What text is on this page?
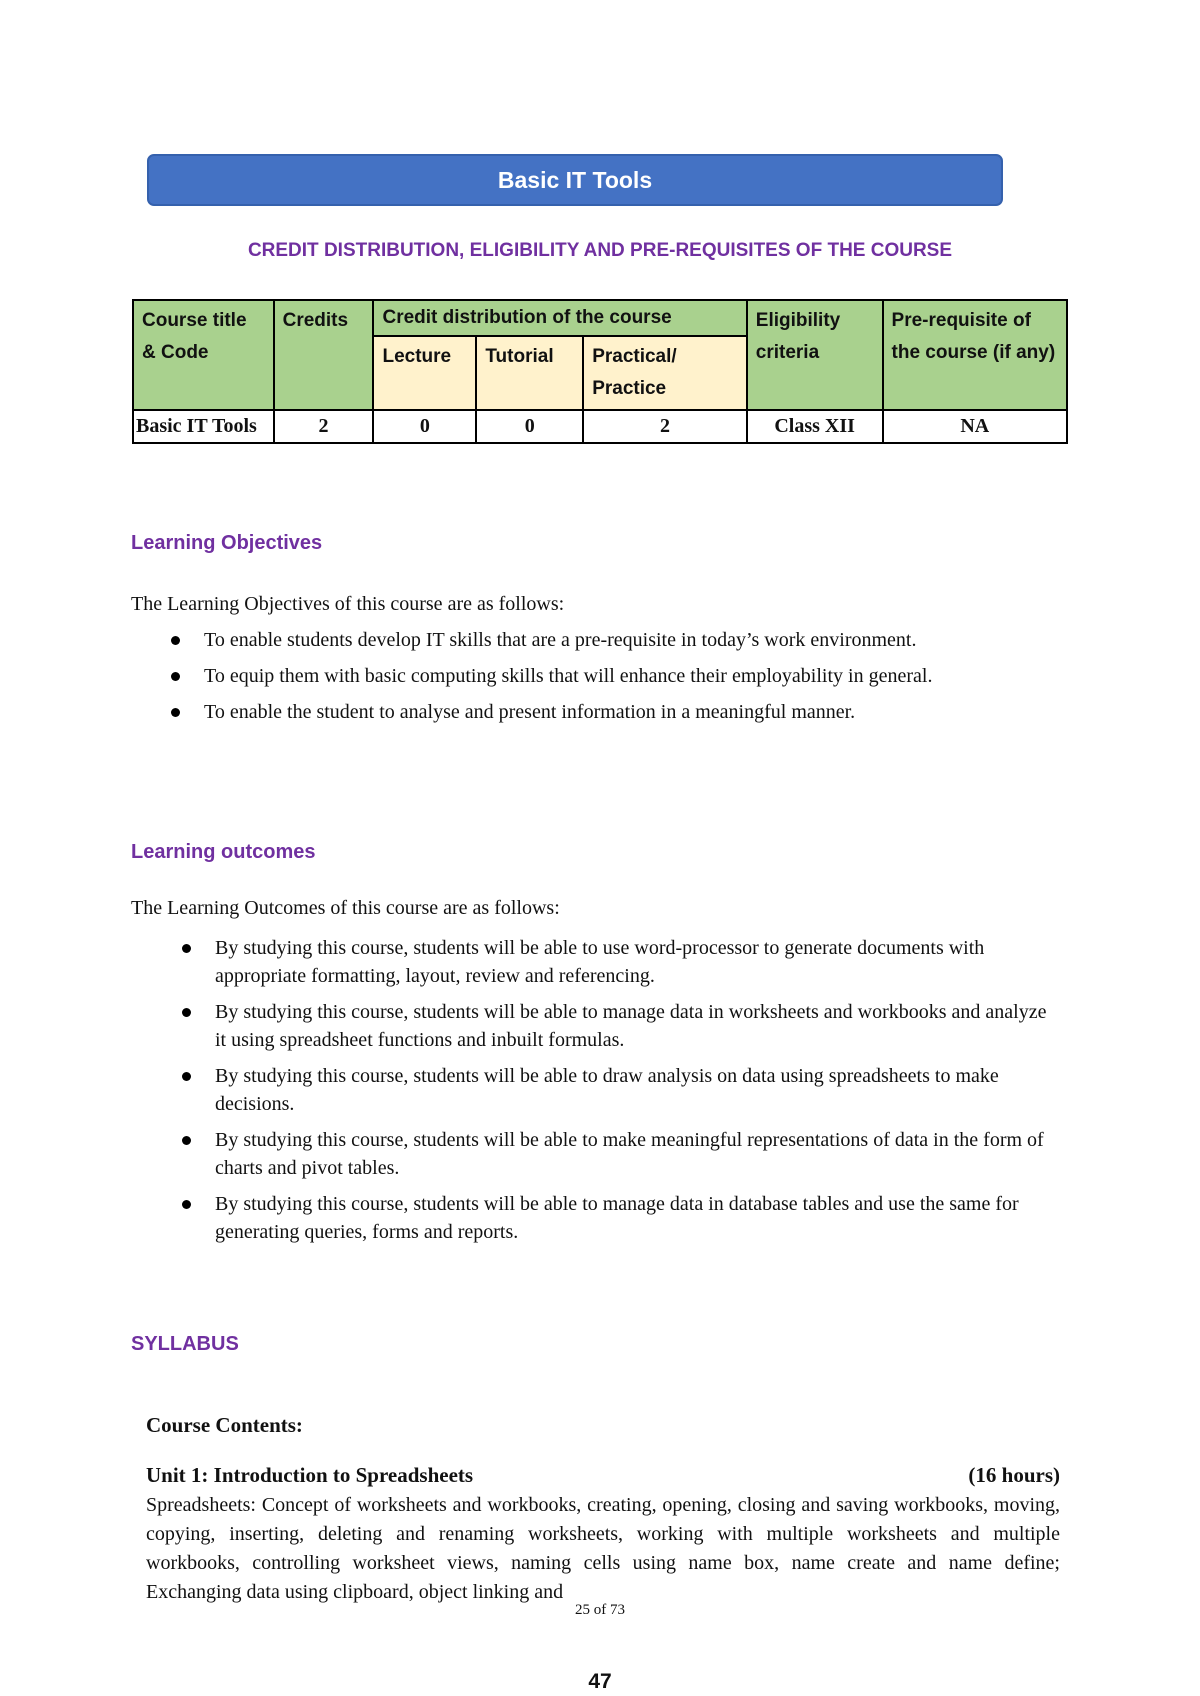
Basic IT Tools
CREDIT DISTRIBUTION, ELIGIBILITY AND PRE-REQUISITES OF THE COURSE
Course title & Code	Credits	Credit distribution of the course			Eligibility criteria	Pre-requisite of the course (if any)
		Lecture	Tutorial	Practical/ Practice		
Basic IT Tools	2	0	0	2	Class XII	NA
Learning Objectives
The Learning Objectives of this course are as follows:
To enable students develop IT skills that are a pre-requisite in today’s work environment.
To equip them with basic computing skills that will enhance their employability in general.
To enable the student to analyse and present information in a meaningful manner.
Learning outcomes
The Learning Outcomes of this course are as follows:
By studying this course, students will be able to use word-processor to generate documents with appropriate formatting, layout, review and referencing.
By studying this course, students will be able to manage data in worksheets and workbooks and analyze it using spreadsheet functions and inbuilt formulas.
By studying this course, students will be able to draw analysis on data using spreadsheets to make decisions.
By studying this course, students will be able to make meaningful representations of data in the form of charts and pivot tables.
By studying this course, students will be able to manage data in database tables and use the same for generating queries, forms and reports.
SYLLABUS
Course Contents:
Unit 1: Introduction to Spreadsheets	(16 hours)
Spreadsheets: Concept of worksheets and workbooks, creating, opening, closing and saving workbooks, moving, copying, inserting, deleting and renaming worksheets, working with multiple worksheets and multiple workbooks, controlling worksheet views, naming cells using name box, name create and name define; Exchanging data using clipboard, object linking and
25 of 73
47
